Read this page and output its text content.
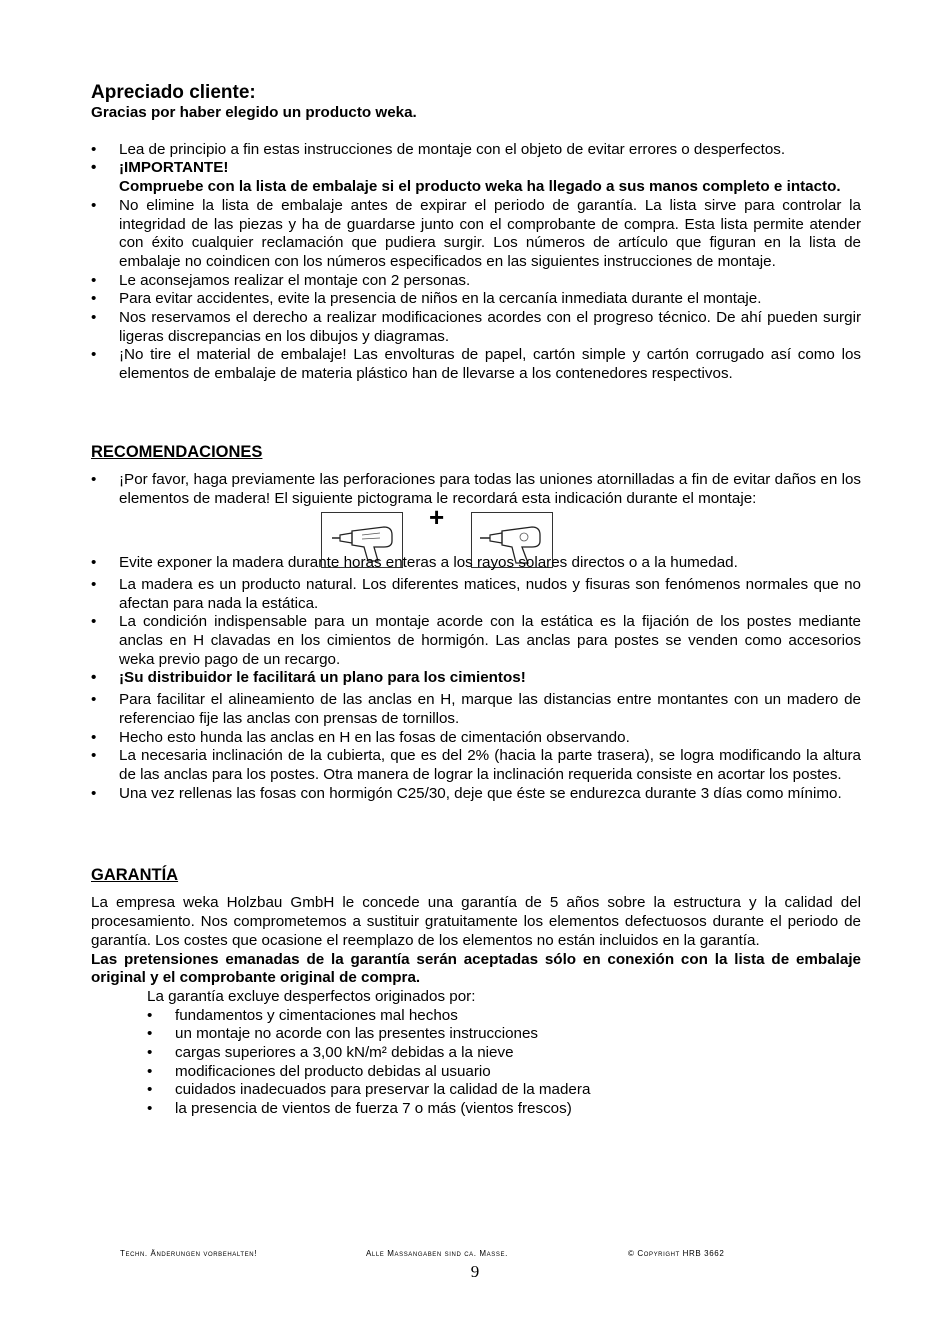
Apreciado cliente:
Gracias por haber elegido un producto weka.
• Lea de principio a fin estas instrucciones de montaje con el objeto de evitar errores o desperfectos.
• ¡IMPORTANTE!
Compruebe con la lista de embalaje si el producto weka ha llegado a sus manos completo e intacto.
• No elimine la lista de embalaje antes de expirar el periodo de garantía. La lista sirve para controlar la integridad de las piezas y ha de guardarse junto con el comprobante de compra. Esta lista permite atender con éxito cualquier reclamación que pudiera surgir. Los números de artículo que figuran en la lista de embalaje no coindicen con los números especificados en las siguientes instrucciones de montaje.
• Le aconsejamos realizar el montaje con 2 personas.
• Para evitar accidentes, evite la presencia de niños en la cercanía inmediata durante el montaje.
• Nos reservamos el derecho a realizar modificaciones acordes con el progreso técnico. De ahí pueden surgir ligeras discrepancias en los dibujos y diagramas.
• ¡No tire el material de embalaje! Las envolturas de papel, cartón simple y cartón corrugado así como los elementos de embalaje de materia plástico han de llevarse a los contenedores respectivos.
RECOMENDACIONES
• ¡Por favor, haga previamente las perforaciones para todas las uniones atornilladas a fin de evitar daños en los elementos de madera! El siguiente pictograma le recordará esta indicación durante el montaje:
+
• Evite exponer la madera durante horas enteras a los rayos solares directos o a la humedad.
• La madera es un producto natural. Los diferentes matices, nudos y fisuras son fenómenos normales que no afectan para nada la estática.
• La condición indispensable para un montaje acorde con la estática es la fijación de los postes mediante anclas en H clavadas en los cimientos de hormigón. Las anclas para postes se venden como accesorios weka previo pago de un recargo.
• ¡Su distribuidor le facilitará un plano para los cimientos!
• Para facilitar el alineamiento de las anclas en H, marque las distancias entre montantes con un madero de referenciao fije las anclas con prensas de tornillos.
• Hecho esto hunda las anclas en H en las fosas de cimentación observando.
• La necesaria inclinación de la cubierta, que es del 2% (hacia la parte trasera), se logra modificando la altura de las anclas para los postes. Otra manera de lograr la inclinación requerida consiste en acortar los postes.
• Una vez rellenas las fosas con hormigón C25/30, deje que éste se endurezca durante 3 días como mínimo.
GARANTÍA

La empresa weka Holzbau GmbH le concede una garantía de 5 años sobre la estructura y la calidad del procesamiento. Nos comprometemos a sustituir gratuitamente los elementos defectuosos durante el periodo de garantía. Los costes que ocasione el reemplazo de los elementos no están incluidos en la garantía.

Las pretensiones emanadas de la garantía serán aceptadas sólo en conexión con la lista de embalaje original y el comprobante original de compra.

La garantía excluye desperfectos originados por:
• fundamentos y cimentaciones mal hechos
• un montaje no acorde con las presentes instrucciones
• cargas superiores a 3,00 kN/m² debidas a la nieve
• modificaciones del producto debidas al usuario
• cuidados inadecuados para preservar la calidad de la madera
• la presencia de vientos de fuerza 7 o más (vientos frescos)
Techn. Änderungen vorbehalten!	Alle Massangaben sind ca. Masse.	© Copyright HRB 3662
9
